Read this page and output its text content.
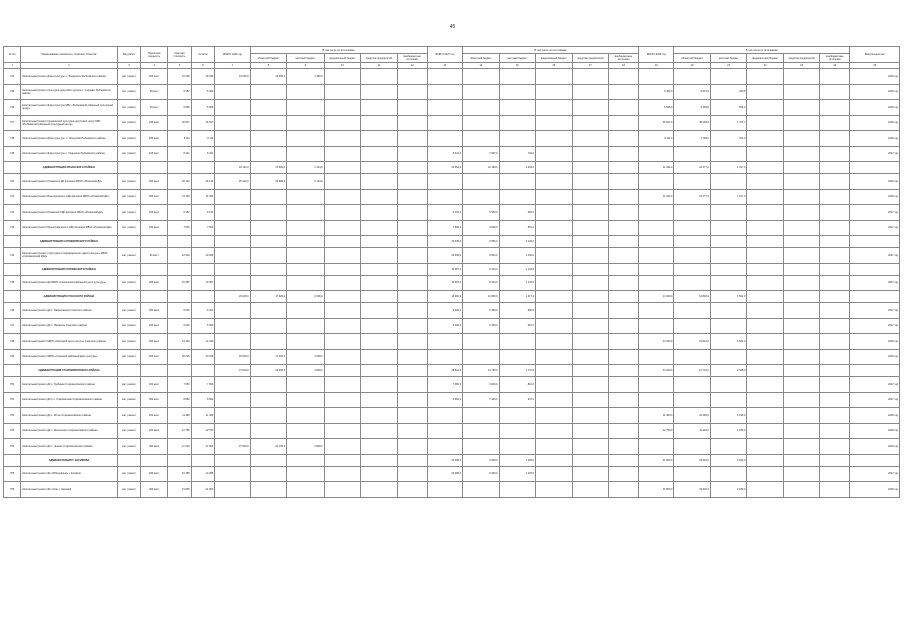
45
№ п/п	Наименование показателя, отраслей, объектов	Вид работ	Проектная мощность	Сметная стоимость	Остаток	ВСЕГО 2026 год	В том числе по источникам:					ВСЕГО 2027 год	В том числе по источникам:					ВСЕГО 2028 год	В том числе по источникам:					Ввод мощностей
							областной бюджет	местный бюджет	федеральный бюджет	средства предприятий	внебюджетные источники		областной бюджет	местный бюджет	федеральный бюджет	средства предприятий	внебюджетные источники		областной бюджет	местный бюджет	федеральный бюджет	средства предприятий	внебюджетные источники	
1	2	3	4	5	6	7	8	9	10	11	12	13	14	15	16	17	18	19	20	21	22	23	24	25
734	Капитальный ремонт Дома культуры, с. Бахарское Рыбновского района	кап. ремонт	200 мест	16 035	16 035	16 035,0	14 555,0	1 480,0																2026 год
735	Капитальный ремонт Культурно-досугового центра с. Чернава, Рыбновского района	кап. ремонт	60 мест	5 452	5 452													5 452,0	5 021,5	430,5				2028 год
736	Капитальный ремонт Дома культуры МБУ «Рыбновский районный культурный центр»	кап. ремонт	40 мест	5 966	5 966													5 966,0	5 369,8	596,2				2028 год
737	Капитальный ремонт Кузьминский культурно-досуговый центр МБУ «Рыбновский районный культурный центр»	кап. ремонт	240 мест	46 547	46 547													46 547,0	45 069,3	1 477,7				2028 год
738	Капитальный ремонт Дома культуры, с. Пощупово Рыбновского района	кап. ремонт	180 мест	8 111	8 111													8 111,0	7 799,0	312,0				2028 год
739	Капитальный ремонт Дома культуры с. Ходынино Рыбновского района	кап. ремонт	125 мест	8 441	8 441							8 441,0	7 697,0	744,0										2027 год
	АДМИНИСТРАЦИЯ РЯЗАНСКОГО РАЙОНА					40 142,0	37 999,0	2 143,0				13 652,0	12 199,0	1 453,0				11 394,0	10 377,0	1 017,0				
740	Капитальный ремонт Рязанского ДК филиала МБУК «Рязанский ДК»	кап. ремонт	300 мест	25 142	25 142	25 142,0	22 999,0	2 143,0																2026 год
741	Капитальный ремонт Вышгородского СДК филиала МБУК «Рязанский ДК»	кап. ремонт	250 мест	11 394	11 394													11 394,0	10 377,0	1 017,0				2028 год
742	Капитальный ремонт Рязанской СДК филиала МБУК «Рязанский ДК»	кап. ремонт	165 мест	6 152	6 152							6 152,0	5 550,0	602,0										2027 год
743	Капитальный ремонт Вышетравинского СДК филиала МБУК «Рязанский ДК»	кап. ремонт	150 мест	7 500	7 500							7 500,0	6 649,0	851,0										2027 год
	АДМИНИСТРАЦИЯ САПОЖКОВСКОГО РАЙОНА											10 946,0	9 806,0	1 140,0										
744	Капитальный ремонт структурного подразделения «Дом культуры» МБУК «Сапожковский КДЦ»	кап. ремонт	80 мест	10 946	10 946							10 946,0	9 806,0	1 140,0										2027 год
	АДМИНИСТРАЦИЯ СКОПИНСКОГО РАЙОНА											10 387,0	9 244,0	1 143,0										
745	Капитальный ремонт ДК МБУК «Скопинский районный центр культуры»	кап. ремонт	200 мест	10 387	10 387							10 387,0	9 244,0	1 143,0										2027 год
	АДМИНИСТРАЦИЯ СПАССКОГО РАЙОНА					20 025,0	17 926,0	2 099,0				12 000,0	10 683,0	1 317,0				14 340,0	12 818,0	1 522,0				
746	Капитальный ремонт ДК с. Гавриловское Спасского района	кап. ремонт	250 мест	6 000	6 000							6 000,0	5 350,0	650,0										2027 год
747	Капитальный ремонт ДК с. Ижевское Спасского района	кап. ремонт	150 мест	6 000	6 000							6 000,0	5 333,0	667,0										2027 год
748	Капитальный ремонт МБУК «Кирицкий центр досуга» Спасского района	кап. ремонт	300 мест	14 340	14 340													14 340,0	12 818,0	1 522,0				2028 год
749	Капитальный ремонт МБУК «Спасский районный Дом культуры»	кап. ремонт	400 мест	20 025	20 025	20 025,0	17 926,0	2 099,0																2026 год
	АДМИНИСТРАЦИЯ СТАРОЖИЛОВСКОГО РАЙОНА					27 003,0	24 155,0	2 848,0				16 512,0	14 765,0	1 747,0				24 230,0	21 702,0	2 528,0				
750	Капитальный ремонт ДК с. Гребнево Старожиловского района	кап. ремонт	150 мест	7 650	7 650							7 650,0	6 840,0	810,0										2027 год
751	Капитальный ремонт ДК р.п. Старожилово Старожиловского района	кап. ремонт	350 мест	8 862	8 862							8 862,0	7 925,0	937,0										2027 год
752	Капитальный ремонт ДК с. Истье Старожиловского района	кап. ремонт	200 мест	11 480	11 480													11 480,0	10 282,0	1 198,0				2028 год
753	Капитальный ремонт ДК с. Мелекшино Старожиловского района	кап. ремонт	220 мест	12 750	12 750													12 750,0	11 420,0	1 330,0				2028 год
754	Капитальный ремонт ДК с. Ленино Старожиловского района	кап. ремонт	300 мест	27 003	27 003	27 003,0	24 155,0	2 848,0																2026 год
	АДМИНИСТРАЦИЯ Г. КАСИМОВА											10 485,0	9 260,0	1 225,0				21 800,0	19 620,0	2 180,0				
755	Капитальный ремонт ДК «Юбилейный» г. Касимов	кап. ремонт	450 мест	10 485	10 485							10 485,0	9 260,0	1 225,0										2027 год
756	Капитальный ремонт ДК «Ока» г. Касимов	кап. ремонт	300 мест	21 800	21 800													21 800,0	19 620,0	2 180,0				2028 год
